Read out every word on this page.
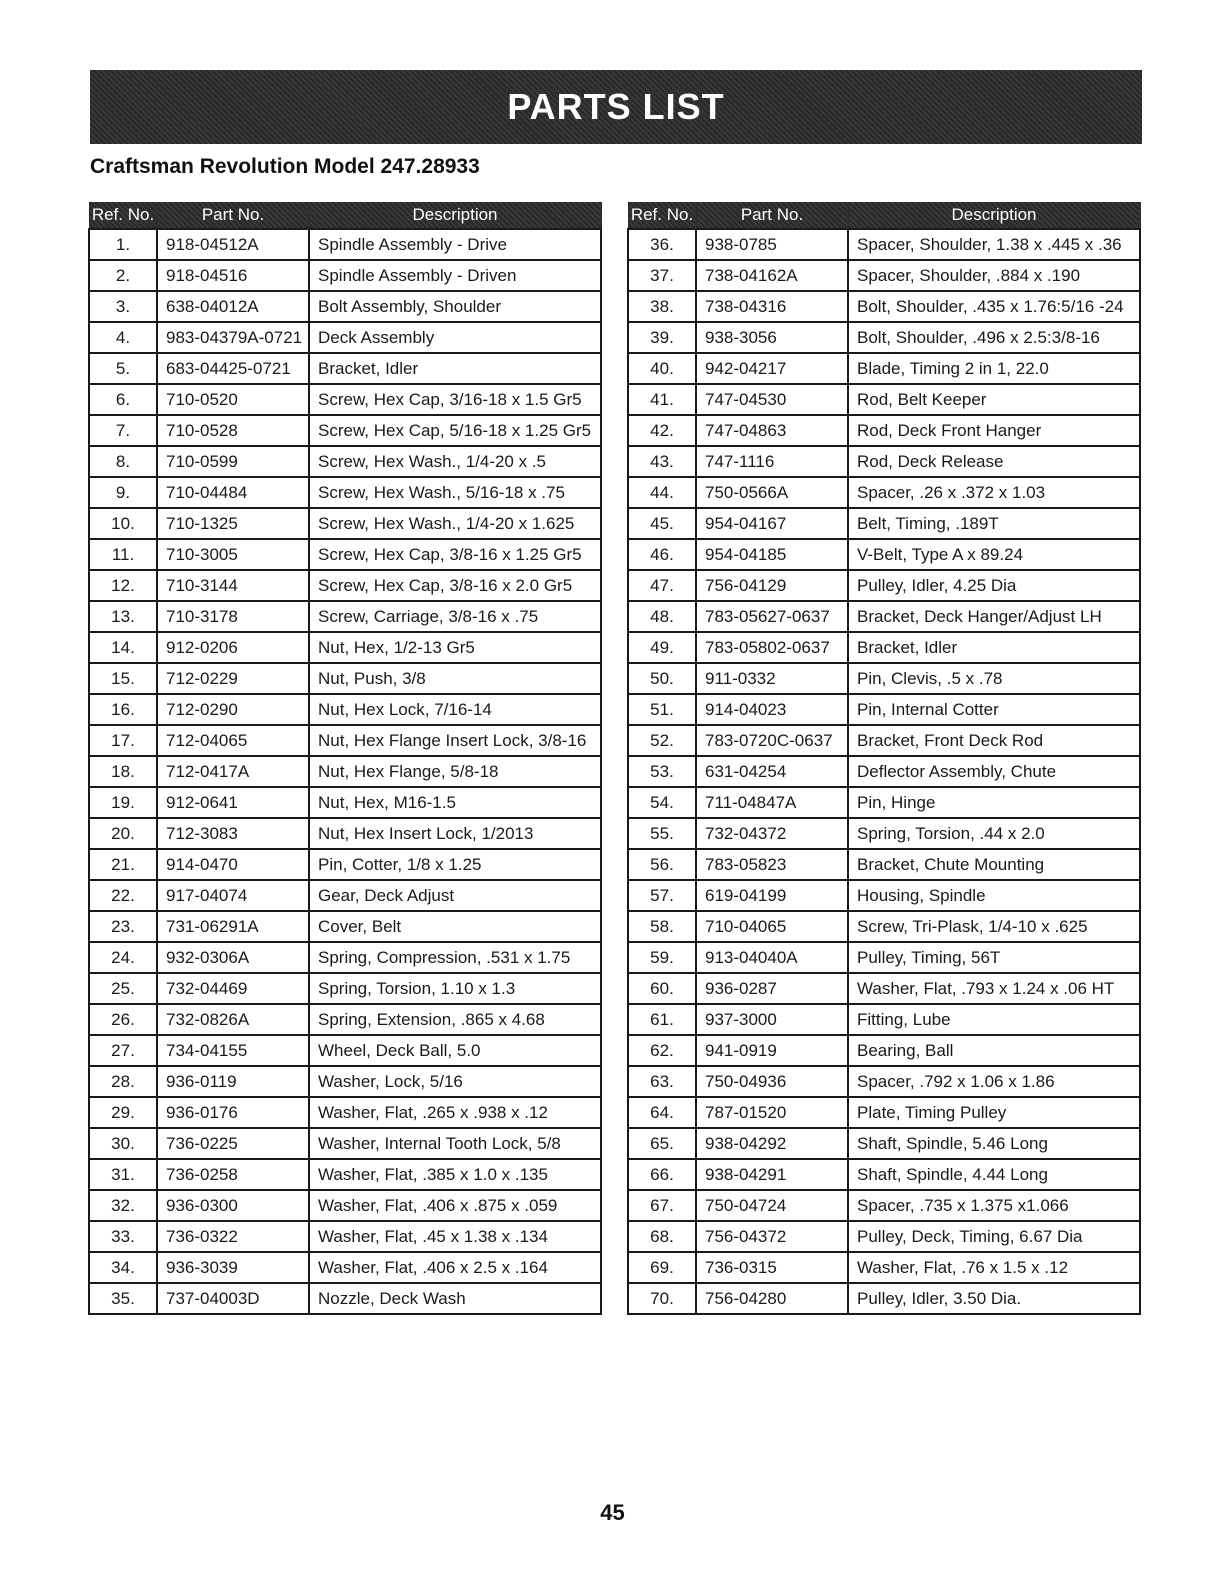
PARTS LIST
Craftsman Revolution Model 247.28933
Ref. No.	Part No.	Description
1.	918-04512A	Spindle Assembly - Drive
2.	918-04516	Spindle Assembly - Driven
3.	638-04012A	Bolt Assembly, Shoulder
4.	983-04379A-0721	Deck Assembly
5.	683-04425-0721	Bracket, Idler
6.	710-0520	Screw, Hex Cap, 3/16-18 x 1.5 Gr5
7.	710-0528	Screw, Hex Cap, 5/16-18 x 1.25 Gr5
8.	710-0599	Screw, Hex Wash., 1/4-20 x .5
9.	710-04484	Screw, Hex Wash., 5/16-18 x .75
10.	710-1325	Screw, Hex Wash., 1/4-20 x 1.625
11.	710-3005	Screw, Hex Cap, 3/8-16 x 1.25 Gr5
12.	710-3144	Screw, Hex Cap, 3/8-16 x 2.0 Gr5
13.	710-3178	Screw, Carriage, 3/8-16 x .75
14.	912-0206	Nut, Hex, 1/2-13 Gr5
15.	712-0229	Nut, Push, 3/8
16.	712-0290	Nut, Hex Lock, 7/16-14
17.	712-04065	Nut, Hex Flange Insert Lock, 3/8-16
18.	712-0417A	Nut, Hex Flange, 5/8-18
19.	912-0641	Nut, Hex, M16-1.5
20.	712-3083	Nut, Hex Insert Lock, 1/2013
21.	914-0470	Pin, Cotter, 1/8 x 1.25
22.	917-04074	Gear, Deck Adjust
23.	731-06291A	Cover, Belt
24.	932-0306A	Spring, Compression, .531 x 1.75
25.	732-04469	Spring, Torsion, 1.10 x 1.3
26.	732-0826A	Spring, Extension, .865 x 4.68
27.	734-04155	Wheel, Deck Ball, 5.0
28.	936-0119	Washer, Lock, 5/16
29.	936-0176	Washer, Flat, .265 x .938 x .12
30.	736-0225	Washer, Internal Tooth Lock, 5/8
31.	736-0258	Washer, Flat, .385 x 1.0 x .135
32.	936-0300	Washer, Flat, .406 x .875 x .059
33.	736-0322	Washer, Flat, .45 x 1.38 x .134
34.	936-3039	Washer, Flat, .406 x 2.5 x .164
35.	737-04003D	Nozzle, Deck Wash
Ref. No.	Part No.	Description
36.	938-0785	Spacer, Shoulder, 1.38 x .445 x .36
37.	738-04162A	Spacer, Shoulder, .884 x .190
38.	738-04316	Bolt, Shoulder, .435 x 1.76:5/16 -24
39.	938-3056	Bolt, Shoulder, .496 x 2.5:3/8-16
40.	942-04217	Blade, Timing 2 in 1, 22.0
41.	747-04530	Rod, Belt Keeper
42.	747-04863	Rod, Deck Front Hanger
43.	747-1116	Rod, Deck Release
44.	750-0566A	Spacer, .26 x .372 x 1.03
45.	954-04167	Belt, Timing, .189T
46.	954-04185	V-Belt, Type A x 89.24
47.	756-04129	Pulley, Idler, 4.25 Dia
48.	783-05627-0637	Bracket, Deck Hanger/Adjust LH
49.	783-05802-0637	Bracket, Idler
50.	911-0332	Pin, Clevis, .5 x .78
51.	914-04023	Pin, Internal Cotter
52.	783-0720C-0637	Bracket, Front Deck Rod
53.	631-04254	Deflector Assembly, Chute
54.	711-04847A	Pin, Hinge
55.	732-04372	Spring, Torsion, .44 x 2.0
56.	783-05823	Bracket, Chute Mounting
57.	619-04199	Housing, Spindle
58.	710-04065	Screw, Tri-Plask, 1/4-10 x .625
59.	913-04040A	Pulley, Timing, 56T
60.	936-0287	Washer, Flat, .793 x 1.24 x .06 HT
61.	937-3000	Fitting, Lube
62.	941-0919	Bearing, Ball
63.	750-04936	Spacer, .792 x 1.06 x 1.86
64.	787-01520	Plate, Timing Pulley
65.	938-04292	Shaft, Spindle, 5.46 Long
66.	938-04291	Shaft, Spindle, 4.44 Long
67.	750-04724	Spacer, .735 x 1.375 x1.066
68.	756-04372	Pulley, Deck, Timing, 6.67 Dia
69.	736-0315	Washer, Flat, .76 x 1.5 x .12
70.	756-04280	Pulley, Idler, 3.50 Dia.
45
